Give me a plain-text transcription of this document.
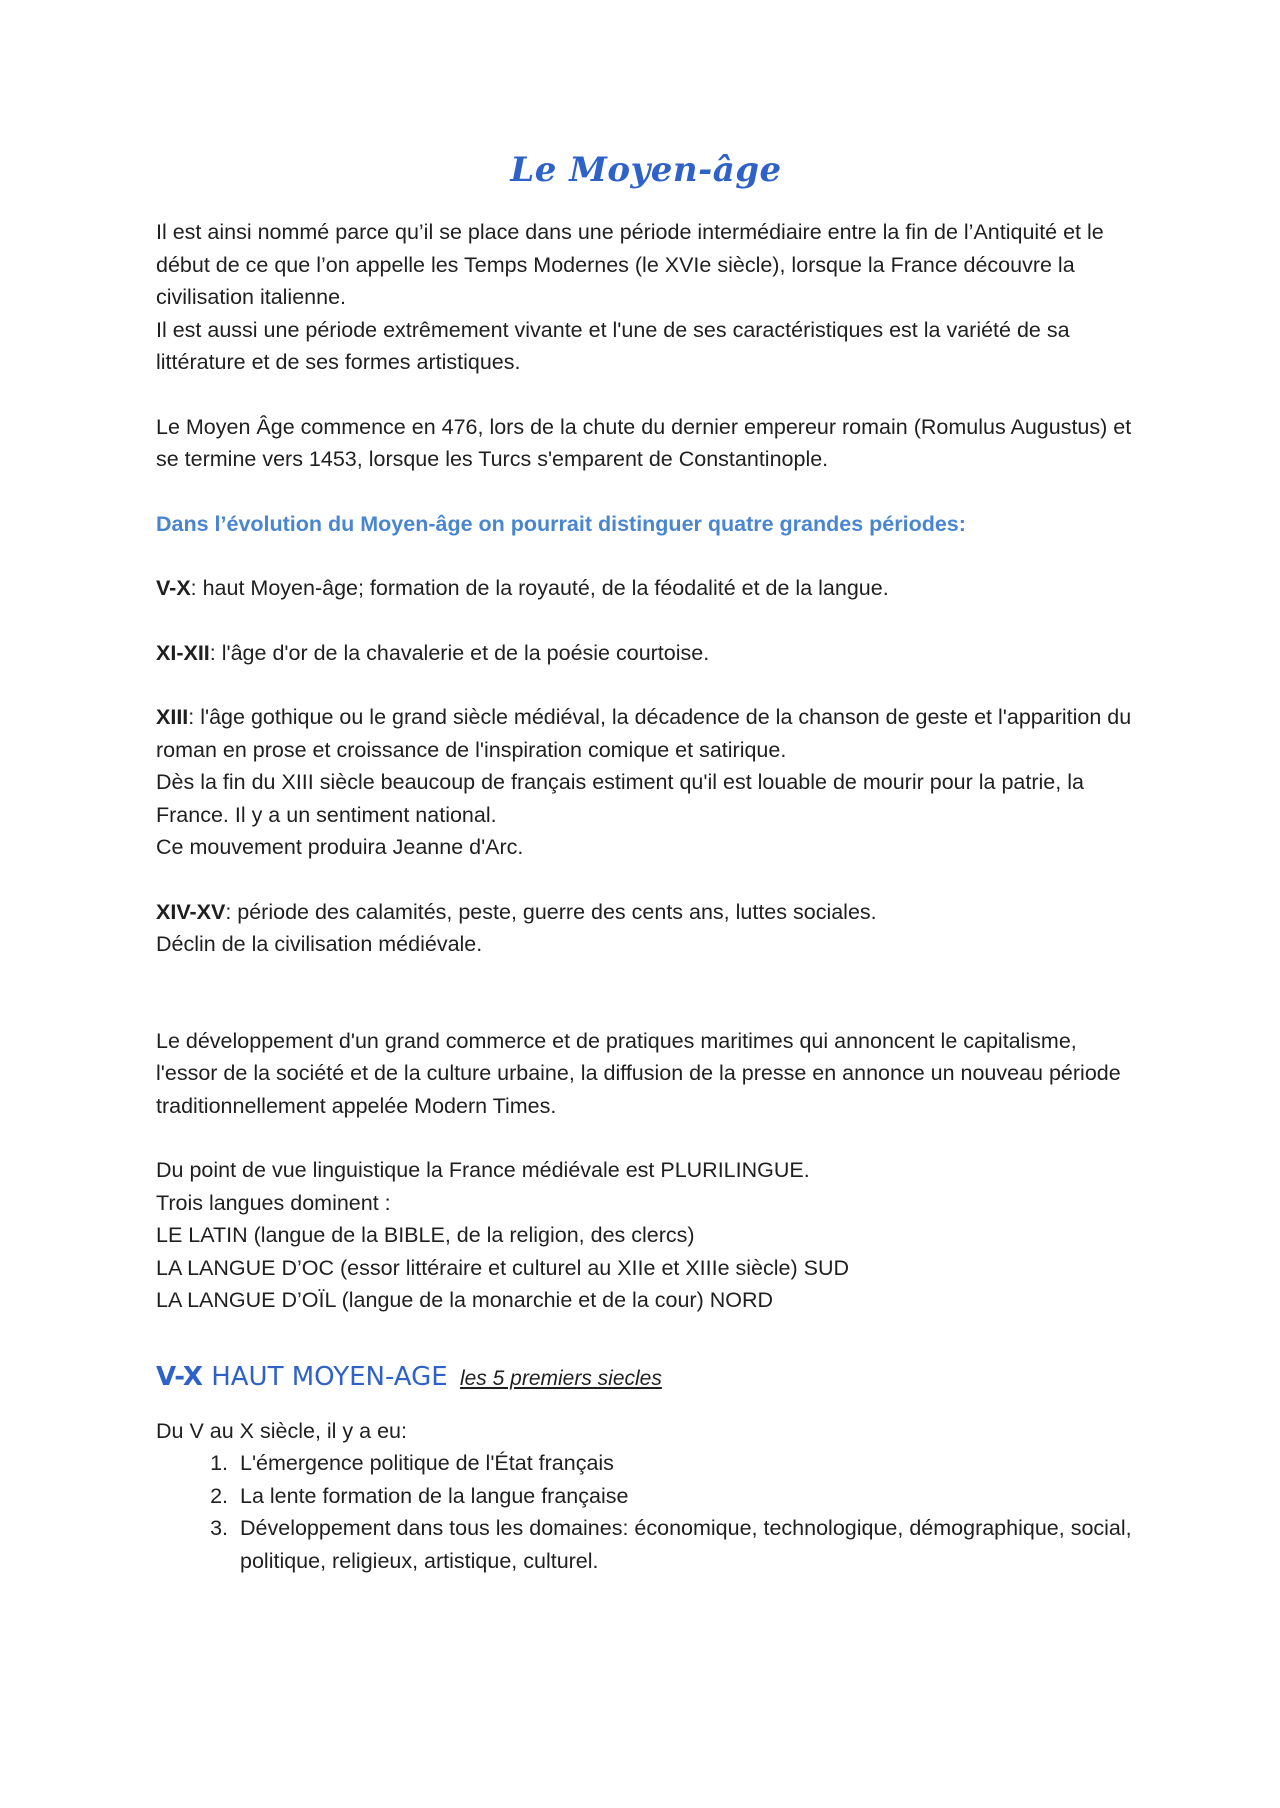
Le Moyen-âge

Il est ainsi nommé parce qu’il se place dans une période intermédiaire entre la fin de l’Antiquité et le début de ce que l’on appelle les Temps Modernes (le XVIe siècle), lorsque la France découvre la civilisation italienne.

Il est aussi une période extrêmement vivante et l'une de ses caractéristiques est la variété de sa littérature et de ses formes artistiques.

Le Moyen Âge commence en 476, lors de la chute du dernier empereur romain (Romulus Augustus) et se termine vers 1453, lorsque les Turcs s'emparent de Constantinople.

Dans l’évolution du Moyen-âge on pourrait distinguer quatre grandes périodes:

V-X: haut Moyen-âge; formation de la royauté, de la féodalité et de la langue.

XI-XII: l'âge d'or de la chavalerie et de la poésie courtoise.

XIII: l'âge gothique ou le grand siècle médiéval, la décadence de la chanson de geste et l'apparition du roman en prose et croissance de l'inspiration comique et satirique.

Dès la fin du XIII siècle beaucoup de français estiment qu'il est louable de mourir pour la patrie, la France. Il y a un sentiment national.

Ce mouvement produira Jeanne d'Arc.

XIV-XV: période des calamités, peste, guerre des cents ans, luttes sociales.

Déclin de la civilisation médiévale.

Le développement d'un grand commerce et de pratiques maritimes qui annoncent le capitalisme, l'essor de la société et de la culture urbaine, la diffusion de la presse en annonce un nouveau période traditionnellement appelée Modern Times.

Du point de vue linguistique la France médiévale est PLURILINGUE.

Trois langues dominent :

LE LATIN (langue de la BIBLE, de la religion, des clercs)

LA LANGUE D’OC (essor littéraire et culturel au XIIe et XIIIe siècle) SUD

LA LANGUE D’OÏL (langue de la monarchie et de la cour) NORD

V-X HAUT MOYEN-AGE les 5 premiers siecles

Du V au X siècle, il y a eu:

1. L'émergence politique de l'État français
2. La lente formation de la langue française
3. Développement dans tous les domaines: économique, technologique, démographique, social, politique, religieux, artistique, culturel.
